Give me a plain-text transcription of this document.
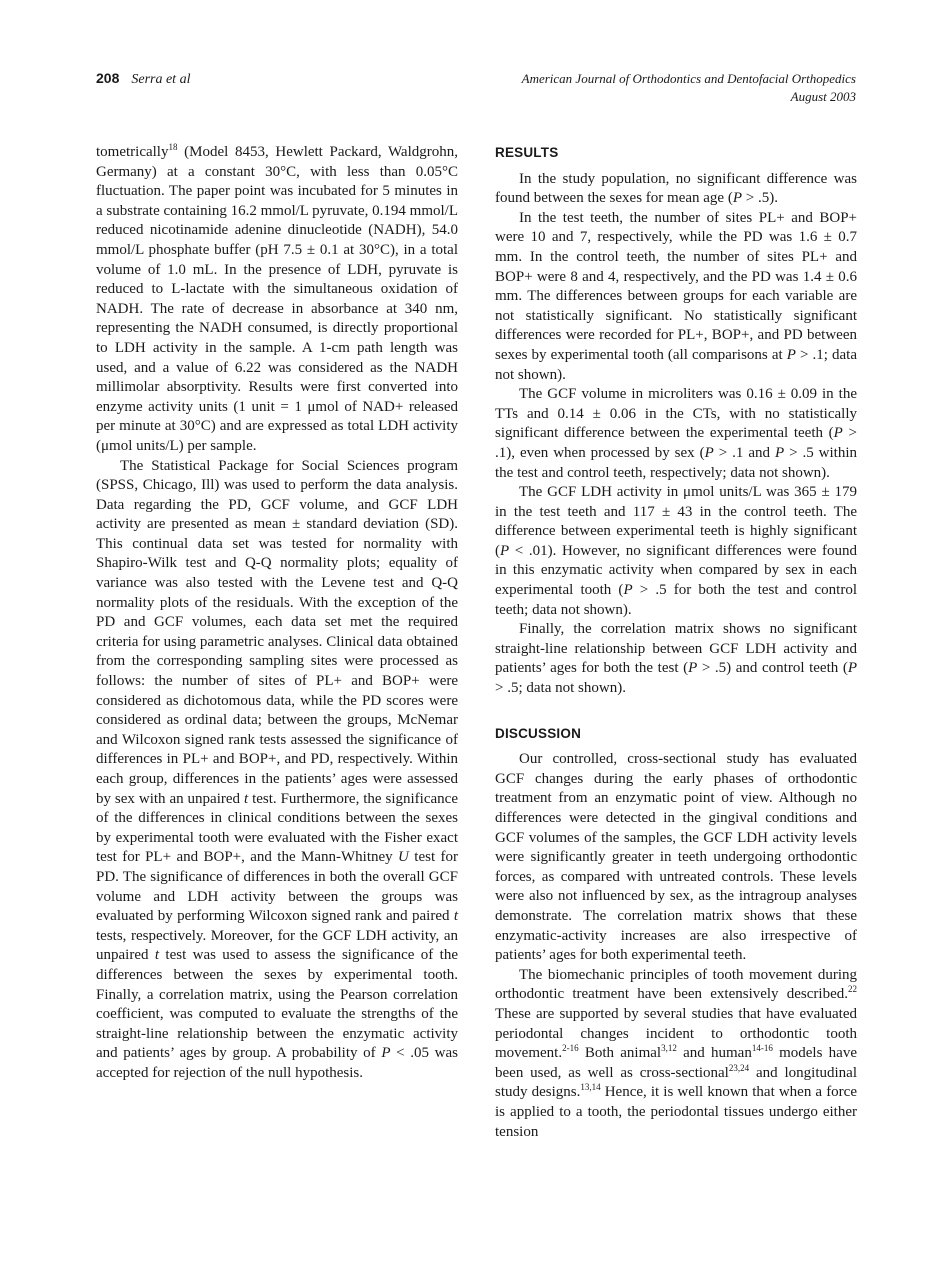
208 Serra et al	American Journal of Orthodontics and Dentofacial Orthopedics
August 2003

tometrically$^{18}$ (Model 8453, Hewlett Packard, Waldgrohn, Germany) at a constant 30°C, with less than 0.05°C fluctuation. The paper point was incubated for 5 minutes in a substrate containing 16.2 mmol/L pyruvate, 0.194 mmol/L reduced nicotinamide adenine dinucleotide (NADH), 54.0 mmol/L phosphate buffer (pH 7.5 ± 0.1 at 30°C), in a total volume of 1.0 mL. In the presence of LDH, pyruvate is reduced to L-lactate with the simultaneous oxidation of NADH. The rate of decrease in absorbance at 340 nm, representing the NADH consumed, is directly proportional to LDH activity in the sample. A 1-cm path length was used, and a value of 6.22 was considered as the NADH millimolar absorptivity. Results were first converted into enzyme activity units (1 unit = 1 μmol of NAD+ released per minute at 30°C) and are expressed as total LDH activity (μmol units/L) per sample.

The Statistical Package for Social Sciences program (SPSS, Chicago, Ill) was used to perform the data analysis. Data regarding the PD, GCF volume, and GCF LDH activity are presented as mean ± standard deviation (SD). This continual data set was tested for normality with Shapiro-Wilk test and Q-Q normality plots; equality of variance was also tested with the Levene test and Q-Q normality plots of the residuals. With the exception of the PD and GCF volumes, each data set met the required criteria for using parametric analyses. Clinical data obtained from the corresponding sampling sites were processed as follows: the number of sites of PL+ and BOP+ were considered as dichotomous data, while the PD scores were considered as ordinal data; between the groups, McNemar and Wilcoxon signed rank tests assessed the significance of differences in PL+ and BOP+, and PD, respectively. Within each group, differences in the patients’ ages were assessed by sex with an unpaired t test. Furthermore, the significance of the differences in clinical conditions between the sexes by experimental tooth were evaluated with the Fisher exact test for PL+ and BOP+, and the Mann-Whitney U test for PD. The significance of differences in both the overall GCF volume and LDH activity between the groups was evaluated by performing Wilcoxon signed rank and paired t tests, respectively. Moreover, for the GCF LDH activity, an unpaired t test was used to assess the significance of the differences between the sexes by experimental tooth. Finally, a correlation matrix, using the Pearson correlation coefficient, was computed to evaluate the strengths of the straight-line relationship between the enzymatic activity and patients’ ages by group. A probability of P < .05 was accepted for rejection of the null hypothesis.

RESULTS

In the study population, no significant difference was found between the sexes for mean age (P > .5).

In the test teeth, the number of sites PL+ and BOP+ were 10 and 7, respectively, while the PD was 1.6 ± 0.7 mm. In the control teeth, the number of sites PL+ and BOP+ were 8 and 4, respectively, and the PD was 1.4 ± 0.6 mm. The differences between groups for each variable are not statistically significant. No statistically significant differences were recorded for PL+, BOP+, and PD between sexes by experimental tooth (all comparisons at P > .1; data not shown).

The GCF volume in microliters was 0.16 ± 0.09 in the TTs and 0.14 ± 0.06 in the CTs, with no statistically significant difference between the experimental teeth (P > .1), even when processed by sex (P > .1 and P > .5 within the test and control teeth, respectively; data not shown).

The GCF LDH activity in μmol units/L was 365 ± 179 in the test teeth and 117 ± 43 in the control teeth. The difference between experimental teeth is highly significant (P < .01). However, no significant differences were found in this enzymatic activity when compared by sex in each experimental tooth (P > .5 for both the test and control teeth; data not shown).

Finally, the correlation matrix shows no significant straight-line relationship between GCF LDH activity and patients’ ages for both the test (P > .5) and control teeth (P > .5; data not shown).

DISCUSSION

Our controlled, cross-sectional study has evaluated GCF changes during the early phases of orthodontic treatment from an enzymatic point of view. Although no differences were detected in the gingival conditions and GCF volumes of the samples, the GCF LDH activity levels were significantly greater in teeth undergoing orthodontic forces, as compared with untreated controls. These levels were also not influenced by sex, as the intragroup analyses demonstrate. The correlation matrix shows that these enzymatic-activity increases are also irrespective of patients’ ages for both experimental teeth.

The biomechanic principles of tooth movement during orthodontic treatment have been extensively described.$^{22}$ These are supported by several studies that have evaluated periodontal changes incident to orthodontic tooth movement.$^{2-16}$ Both animal$^{3,12}$ and human$^{14-16}$ models have been used, as well as cross-sectional$^{23,24}$ and longitudinal study designs.$^{13,14}$ Hence, it is well known that when a force is applied to a tooth, the periodontal tissues undergo either tension
